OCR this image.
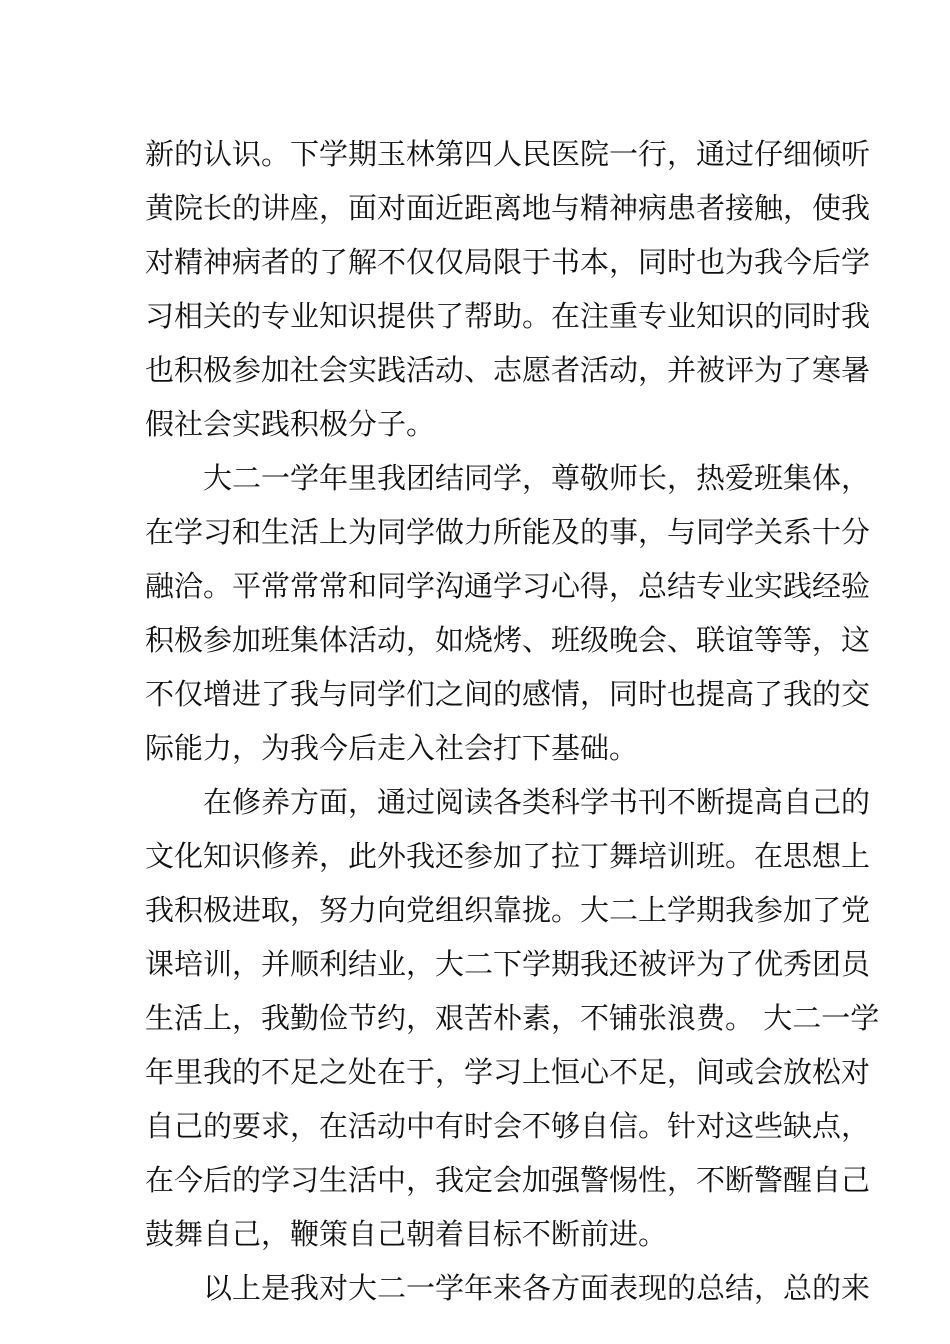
新的认识。下学期玉林第四人民医院一行，通过仔细倾听
黄院长的讲座，面对面近距离地与精神病患者接触，使我
对精神病者的了解不仅仅局限于书本，同时也为我今后学
习相关的专业知识提供了帮助。在注重专业知识的同时我
也积极参加社会实践活动、志愿者活动，并被评为了寒暑
假社会实践积极分子。
　　大二一学年里我团结同学，尊敬师长，热爱班集体，
在学习和生活上为同学做力所能及的事，与同学关系十分
融洽。平常常常和同学沟通学习心得，总结专业实践经验
积极参加班集体活动，如烧烤、班级晚会、联谊等等，这
不仅增进了我与同学们之间的感情，同时也提高了我的交
际能力，为我今后走入社会打下基础。
　　在修养方面，通过阅读各类科学书刊不断提高自己的
文化知识修养，此外我还参加了拉丁舞培训班。在思想上
我积极进取，努力向党组织靠拢。大二上学期我参加了党
课培训，并顺利结业，大二下学期我还被评为了优秀团员
生活上，我勤俭节约，艰苦朴素，不铺张浪费。 大二一学
年里我的不足之处在于，学习上恒心不足，间或会放松对
自己的要求，在活动中有时会不够自信。针对这些缺点，
在今后的学习生活中，我定会加强警惕性，不断警醒自己
鼓舞自己，鞭策自己朝着目标不断前进。
　　以上是我对大二一学年来各方面表现的总结，总的来
